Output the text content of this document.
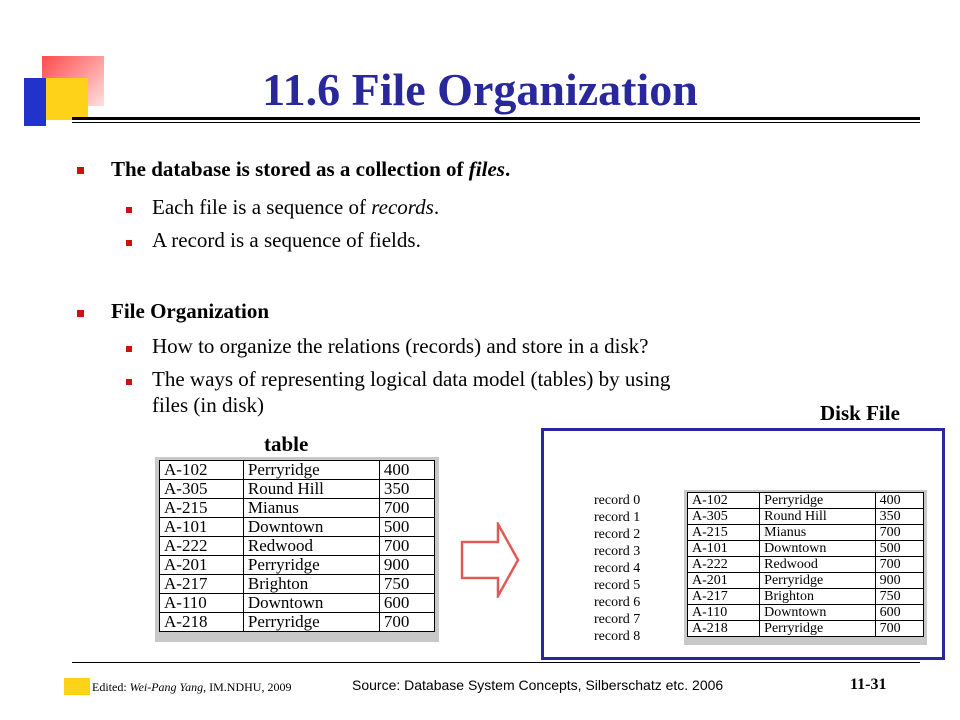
11.6 File Organization
The database is stored as a collection of files.
Each file is a sequence of records.
A record is a sequence of fields.
File Organization
How to organize the relations (records) and store in a disk?
The ways of representing logical data model (tables) by using
files (in disk)
table
Disk File
A-102	Perryridge	400
A-305	Round Hill	350
A-215	Mianus	700
A-101	Downtown	500
A-222	Redwood	700
A-201	Perryridge	900
A-217	Brighton	750
A-110	Downtown	600
A-218	Perryridge	700
record 0
record 1
record 2
record 3
record 4
record 5
record 6
record 7
record 8
A-102	Perryridge	400
A-305	Round Hill	350
A-215	Mianus	700
A-101	Downtown	500
A-222	Redwood	700
A-201	Perryridge	900
A-217	Brighton	750
A-110	Downtown	600
A-218	Perryridge	700
Edited: Wei-Pang Yang, IM.NDHU, 2009	Source: Database System Concepts, Silberschatz etc. 2006	11-31
